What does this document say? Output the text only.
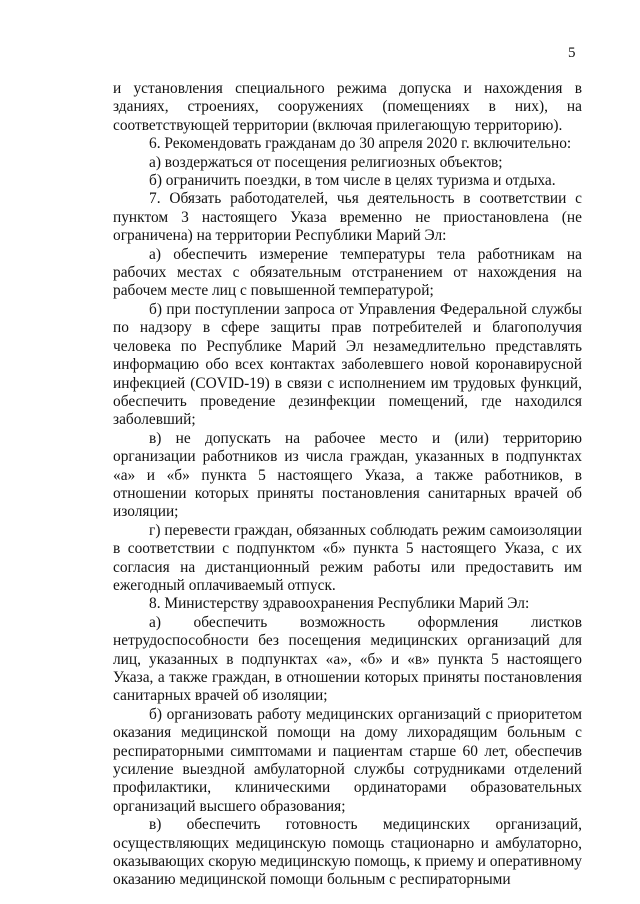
5

и установления специального режима допуска и нахождения в зданиях, строениях, сооружениях (помещениях в них), на соответствующей территории (включая прилегающую территорию).

6. Рекомендовать гражданам до 30 апреля 2020 г. включительно:

а) воздержаться от посещения религиозных объектов;

б) ограничить поездки, в том числе в целях туризма и отдыха.

7. Обязать работодателей, чья деятельность в соответствии с пунктом 3 настоящего Указа временно не приостановлена (не ограничена) на территории Республики Марий Эл:

а) обеспечить измерение температуры тела работникам на рабочих местах с обязательным отстранением от нахождения на рабочем месте лиц с повышенной температурой;

б) при поступлении запроса от Управления Федеральной службы по надзору в сфере защиты прав потребителей и благополучия человека по Республике Марий Эл незамедлительно представлять информацию обо всех контактах заболевшего новой коронавирусной инфекцией (COVID-19) в связи с исполнением им трудовых функций, обеспечить проведение дезинфекции помещений, где находился заболевший;

в) не допускать на рабочее место и (или) территорию организации работников из числа граждан, указанных в подпунктах «а» и «б» пункта 5 настоящего Указа, а также работников, в отношении которых приняты постановления санитарных врачей об изоляции;

г) перевести граждан, обязанных соблюдать режим самоизоляции в соответствии с подпунктом «б» пункта 5 настоящего Указа, с их согласия на дистанционный режим работы или предоставить им ежегодный оплачиваемый отпуск.

8. Министерству здравоохранения Республики Марий Эл:

а) обеспечить возможность оформления листков нетрудоспособности без посещения медицинских организаций для лиц, указанных в подпунктах «а», «б» и «в» пункта 5 настоящего Указа, а также граждан, в отношении которых приняты постановления санитарных врачей об изоляции;

б) организовать работу медицинских организаций с приоритетом оказания медицинской помощи на дому лихорадящим больным с респираторными симптомами и пациентам старше 60 лет, обеспечив усиление выездной амбулаторной службы сотрудниками отделений профилактики, клиническими ординаторами образовательных организаций высшего образования;

в) обеспечить готовность медицинских организаций, осуществляющих медицинскую помощь стационарно и амбулаторно, оказывающих скорую медицинскую помощь, к приему и оперативному оказанию медицинской помощи больным с респираторными
